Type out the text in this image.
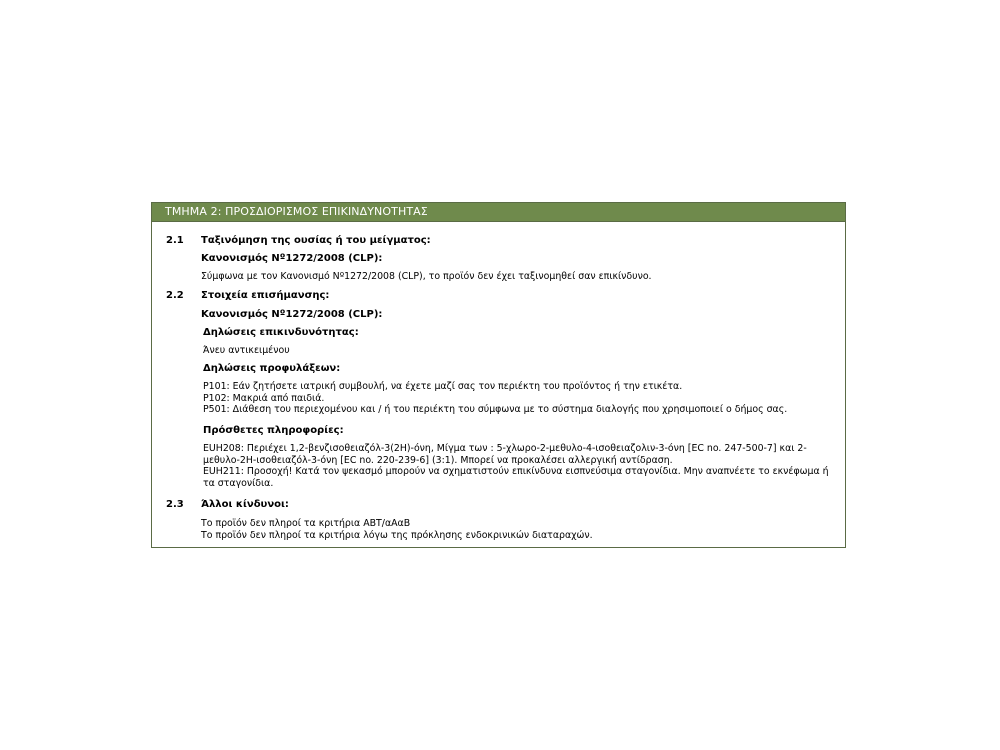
ΤΜΗΜΑ 2: ΠΡΟΣΔΙΟΡΙΣΜΟΣ ΕΠΙΚΙΝΔΥΝΟΤΗΤΑΣ
2.1 Ταξινόμηση της ουσίας ή του μείγματος:
Κανονισμός Νº1272/2008 (CLP):
Σύμφωνα με τον Κανονισμό Nº1272/2008 (CLP), το προϊόν δεν έχει ταξινομηθεί σαν επικίνδυνο.
2.2 Στοιχεία επισήμανσης:
Κανονισμός Νº1272/2008 (CLP):
Δηλώσεις επικινδυνότητας:
Άνευ αντικειμένου
Δηλώσεις προφυλάξεων:
P101: Εάν ζητήσετε ιατρική συμβουλή, να έχετε μαζί σας τον περιέκτη του προϊόντος ή την ετικέτα.
P102: Μακριά από παιδιά.
P501: Διάθεση του περιεχομένου και / ή του περιέκτη του σύμφωνα με το σύστημα διαλογής που χρησιμοποιεί ο δήμος σας.
Πρόσθετες πληροφορίες:
EUH208: Περιέχει 1,2-βενζισοθειαζόλ-3(2H)-όνη, Μίγμα των : 5-χλωρο-2-μεθυλο-4-ισοθειαζολιν-3-όνη [EC no. 247-500-7] και 2-
μεθυλο-2H-ισοθειαζόλ-3-όνη [EC no. 220-239-6] (3:1). Μπορεί να προκαλέσει αλλεργική αντίδραση.
EUH211: Προσοχή! Κατά τον ψεκασμό μπορούν να σχηματιστούν επικίνδυνα εισπνεύσιμα σταγονίδια. Μην αναπνέετε το εκνέφωμα ή
τα σταγονίδια.
2.3 Άλλοι κίνδυνοι:
Το προϊόν δεν πληροί τα κριτήρια ΑΒΤ/αΑαΒ
Το προϊόν δεν πληροί τα κριτήρια λόγω της πρόκλησης ενδοκρινικών διαταραχών.
